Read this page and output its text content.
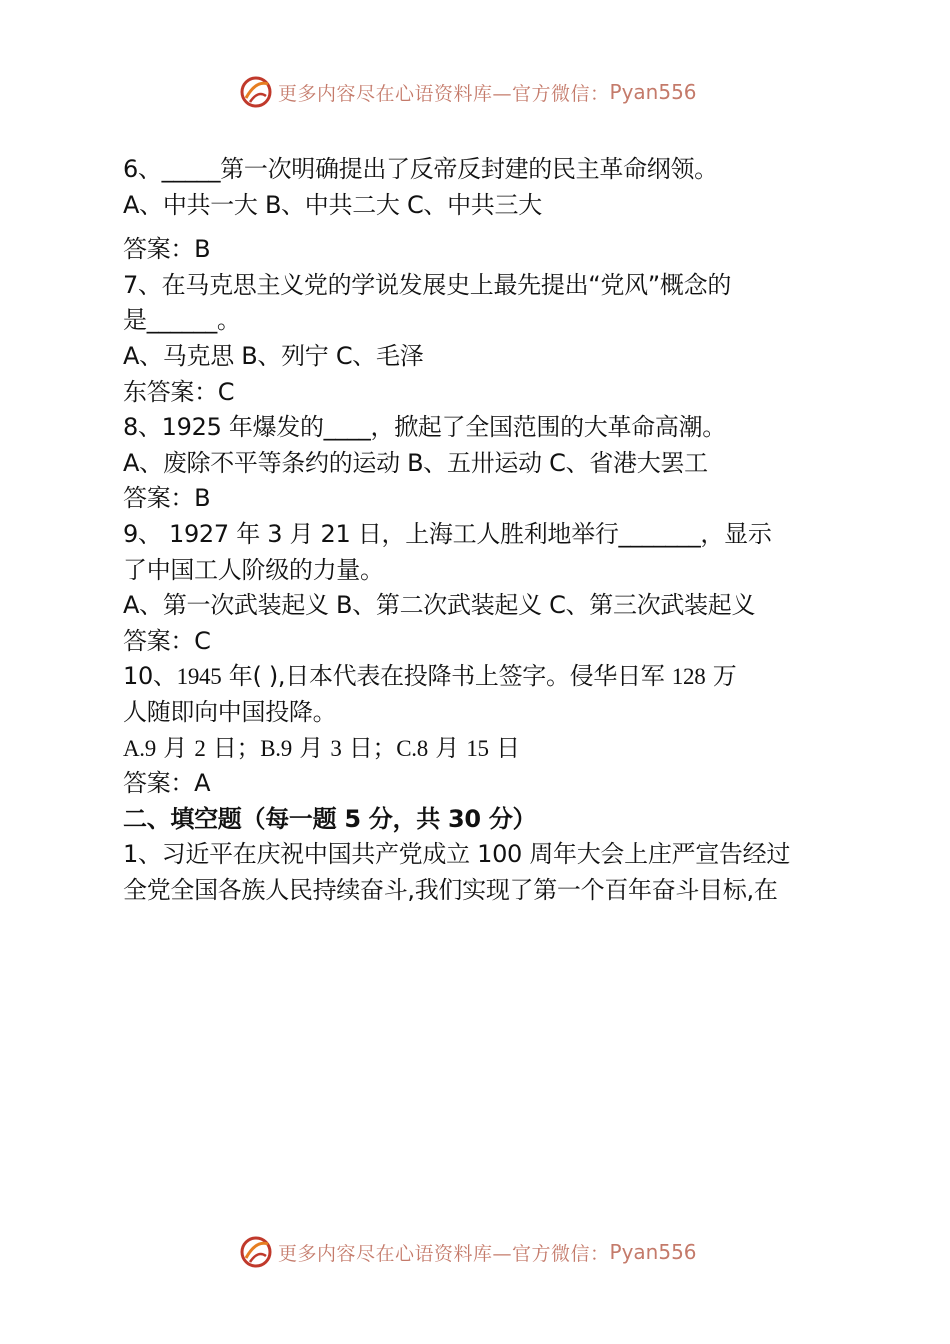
更多内容尽在心语资料库—官方微信： Pyan556
6、_____第一次明确提出了反帝反封建的民主革命纲领。
A、中共一大 B、中共二大 C、中共三大
答案：B
7、在马克思主义党的学说发展史上最先提出“党风”概念的
是______。
A、马克思 B、列宁 C、毛泽
东答案：C
8、1925 年爆发的____，掀起了全国范围的大革命高潮。
A、废除不平等条约的运动 B、五卅运动 C、省港大罢工
答案：B
9、 1927 年 3 月 21 日，上海工人胜利地举行_______，显示
了中国工人阶级的力量。
A、第一次武装起义 B、第二次武装起义 C、第三次武装起义
答案：C
10、1945 年( ),日本代表在投降书上签字。侵华日军 128 万
人随即向中国投降。
A.9 月 2 日；B.9 月 3 日；C.8 月 15 日
答案：A
二、填空题（每一题 5 分，共 30 分）
1、习近平在庆祝中国共产党成立 100 周年大会上庄严宣告经过
全党全国各族人民持续奋斗,我们实现了第一个百年奋斗目标,在
更多内容尽在心语资料库—官方微信： Pyan556
